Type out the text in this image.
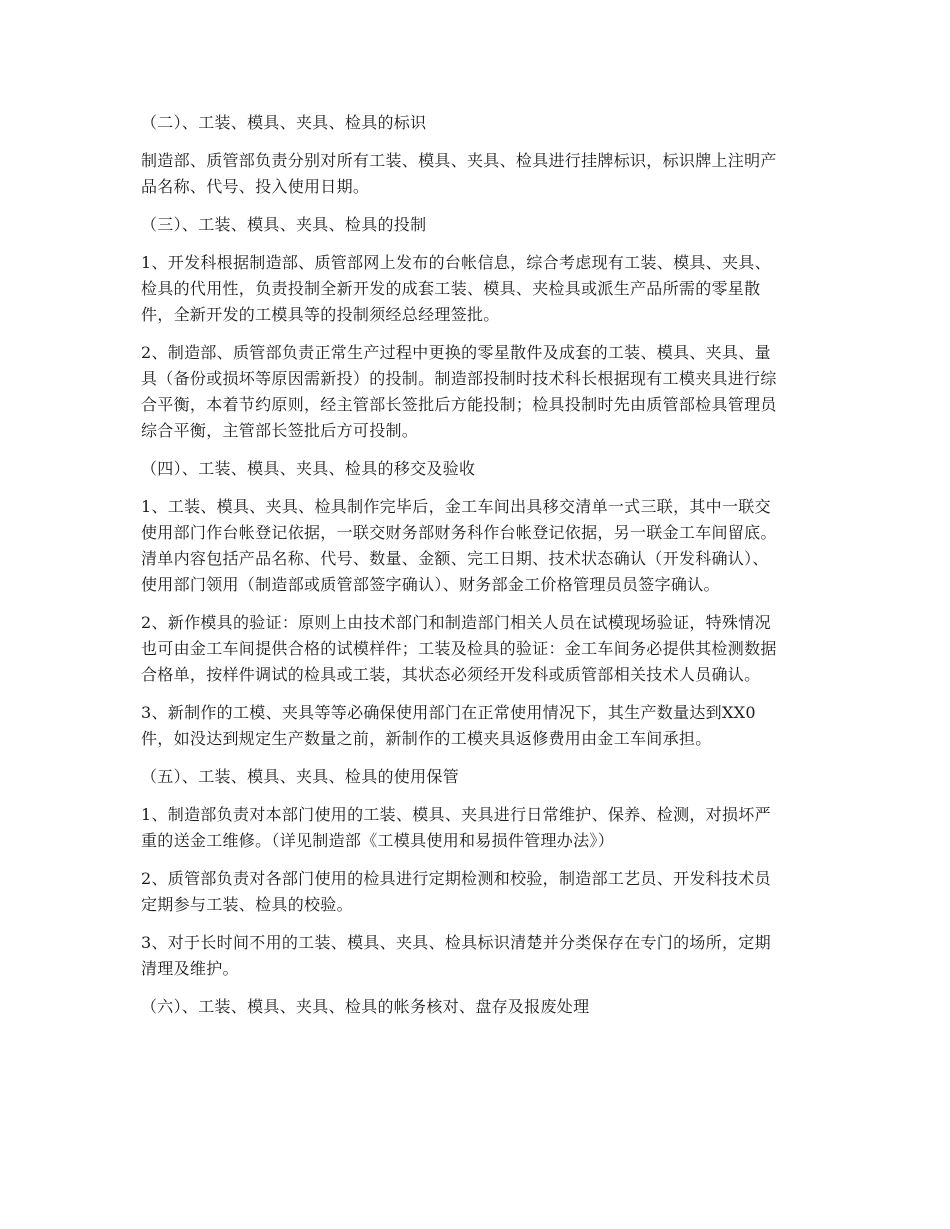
（二）、工装、模具、夹具、检具的标识
制造部、质管部负责分别对所有工装、模具、夹具、检具进行挂牌标识，标识牌上注明产
品名称、代号、投入使用日期。
（三）、工装、模具、夹具、检具的投制
1、开发科根据制造部、质管部网上发布的台帐信息，综合考虑现有工装、模具、夹具、
检具的代用性，负责投制全新开发的成套工装、模具、夹检具或派生产品所需的零星散
件，全新开发的工模具等的投制须经总经理签批。
2、制造部、质管部负责正常生产过程中更换的零星散件及成套的工装、模具、夹具、量
具（备份或损坏等原因需新投）的投制。制造部投制时技术科长根据现有工模夹具进行综
合平衡，本着节约原则，经主管部长签批后方能投制；检具投制时先由质管部检具管理员
综合平衡，主管部长签批后方可投制。
（四）、工装、模具、夹具、检具的移交及验收
1、工装、模具、夹具、检具制作完毕后，金工车间出具移交清单一式三联，其中一联交
使用部门作台帐登记依据，一联交财务部财务科作台帐登记依据，另一联金工车间留底。
清单内容包括产品名称、代号、数量、金额、完工日期、技术状态确认（开发科确认）、
使用部门领用（制造部或质管部签字确认）、财务部金工价格管理员员签字确认。
2、新作模具的验证：原则上由技术部门和制造部门相关人员在试模现场验证，特殊情况
也可由金工车间提供合格的试模样件；工装及检具的验证：金工车间务必提供其检测数据
合格单，按样件调试的检具或工装，其状态必须经开发科或质管部相关技术人员确认。
3、新制作的工模、夹具等等必确保使用部门在正常使用情况下，其生产数量达到XX0
件，如没达到规定生产数量之前，新制作的工模夹具返修费用由金工车间承担。
（五）、工装、模具、夹具、检具的使用保管
1、制造部负责对本部门使用的工装、模具、夹具进行日常维护、保养、检测，对损坏严
重的送金工维修。（详见制造部《工模具使用和易损件管理办法》）
2、质管部负责对各部门使用的检具进行定期检测和校验，制造部工艺员、开发科技术员
定期参与工装、检具的校验。
3、对于长时间不用的工装、模具、夹具、检具标识清楚并分类保存在专门的场所，定期
清理及维护。
（六）、工装、模具、夹具、检具的帐务核对、盘存及报废处理
